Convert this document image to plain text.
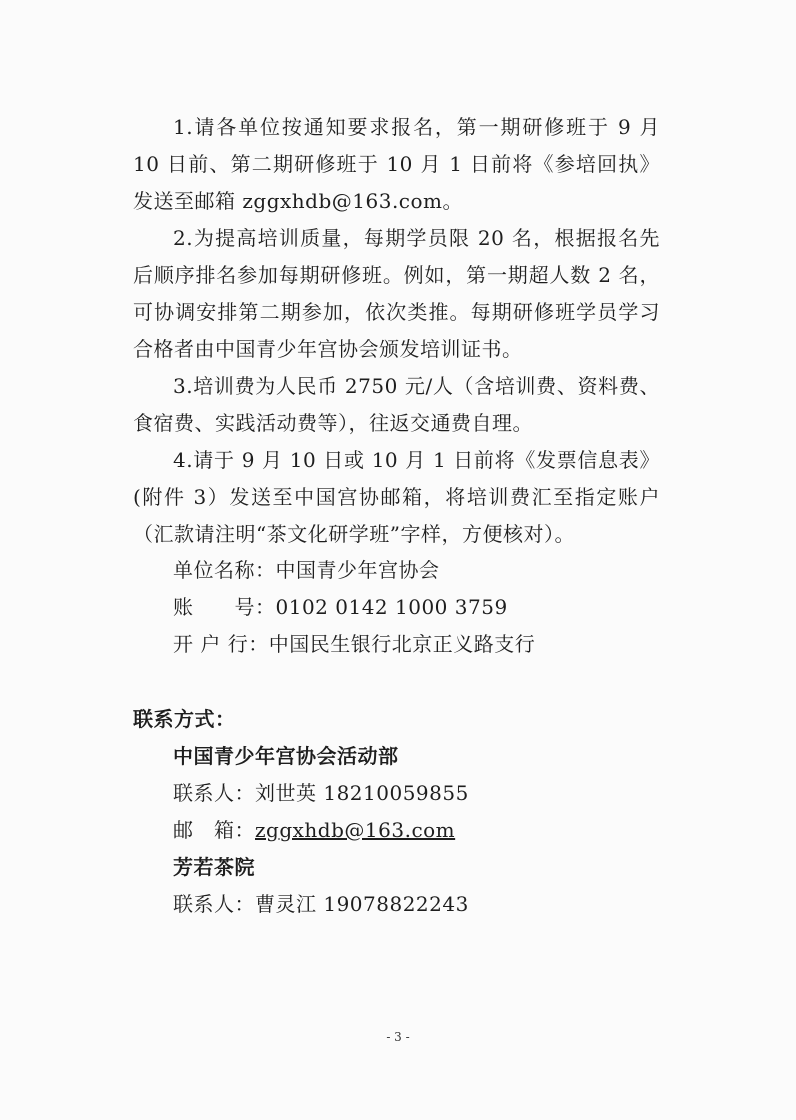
1.请各单位按通知要求报名，第一期研修班于 9 月 10 日前、第二期研修班于 10 月 1 日前将《参培回执》发送至邮箱 zggxhdb@163.com。

2.为提高培训质量，每期学员限 20 名，根据报名先后顺序排名参加每期研修班。例如，第一期超人数 2 名，可协调安排第二期参加，依次类推。每期研修班学员学习合格者由中国青少年宫协会颁发培训证书。

3.培训费为人民币 2750 元/人（含培训费、资料费、食宿费、实践活动费等），往返交通费自理。

4.请于 9 月 10 日或 10 月 1 日前将《发票信息表》(附件 3）发送至中国宫协邮箱，将培训费汇至指定账户（汇款请注明“茶文化研学班”字样，方便核对）。

单位名称：中国青少年宫协会
账　　号：0102 0142 1000 3759
开 户 行：中国民生银行北京正义路支行
联系方式：
中国青少年宫协会活动部
联系人：刘世英 18210059855
邮　箱：zggxhdb@163.com
芳若茶院
联系人：曹灵江 19078822243
- 3 -
